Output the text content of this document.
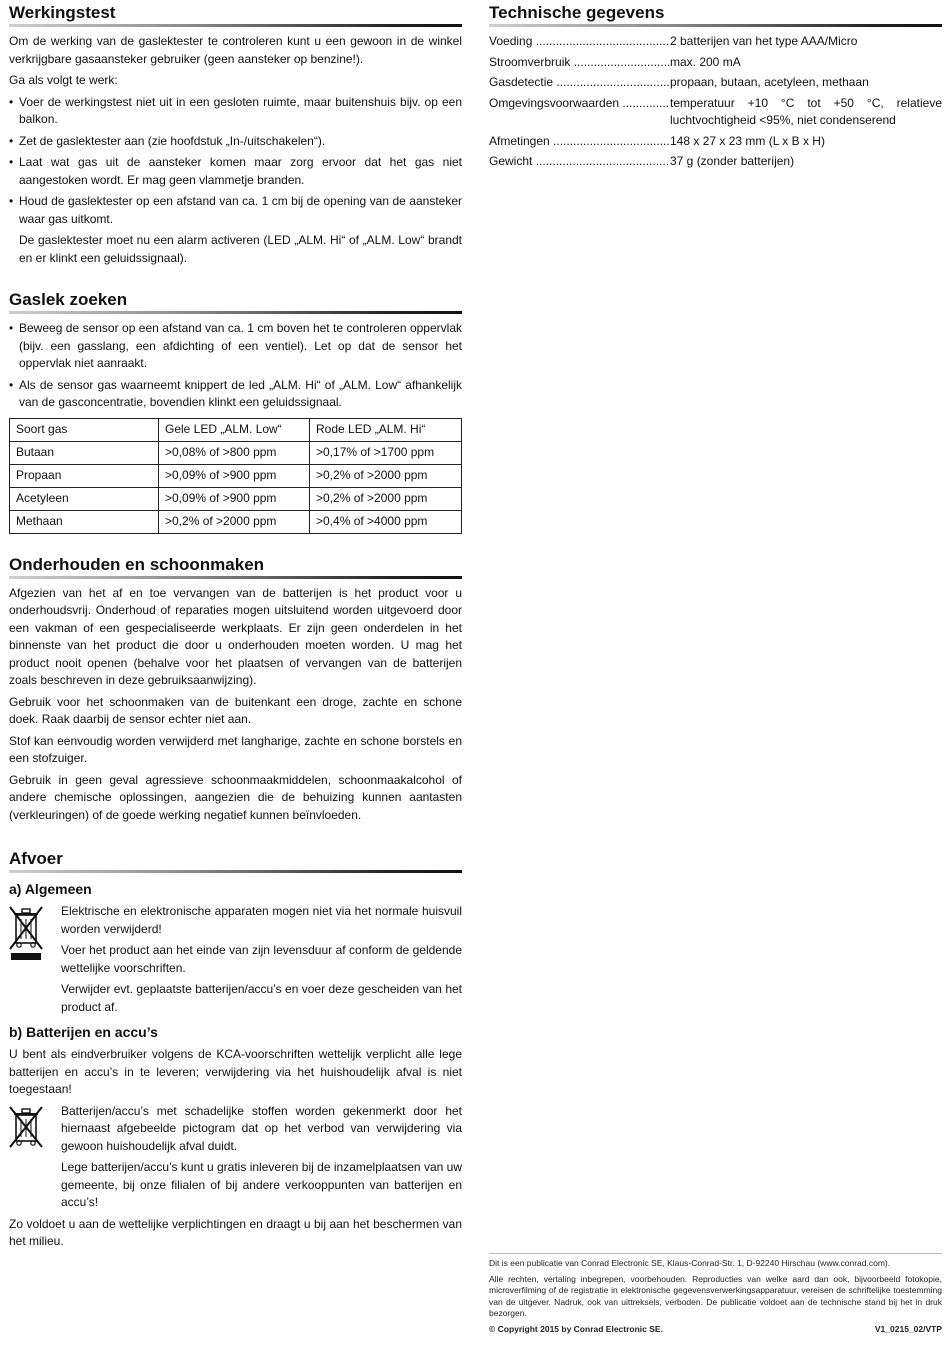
Werkingstest

Om de werking van de gaslektester te controleren kunt u een gewoon in de winkel verkrijgbare gasaansteker gebruiker (geen aansteker op benzine!).

Ga als volgt te werk:

• Voer de werkingstest niet uit in een gesloten ruimte, maar buitenshuis bijv. op een balkon.
• Zet de gaslektester aan (zie hoofdstuk „In-/uitschakelen“).
• Laat wat gas uit de aansteker komen maar zorg ervoor dat het gas niet aangestoken wordt. Er mag geen vlammetje branden.
• Houd de gaslektester op een afstand van ca. 1 cm bij de opening van de aansteker waar gas uitkomt.

De gaslektester moet nu een alarm activeren (LED „ALM. Hi“ of „ALM. Low“ brandt en er klinkt een geluidssignaal).

Gaslek zoeken
• Beweeg de sensor op een afstand van ca. 1 cm boven het te controleren oppervlak (bijv. een gasslang, een afdichting of een ventiel). Let op dat de sensor het oppervlak niet aanraakt.
• Als de sensor gas waarneemt knippert de led „ALM. Hi“ of „ALM. Low“ afhankelijk van de gasconcentratie, bovendien klinkt een geluidssignaal.
Soort gas	Gele LED „ALM. Low“	Rode LED „ALM. Hi“
Butaan	>0,08% of >800 ppm	>0,17% of >1700 ppm
Propaan	>0,09% of >900 ppm	>0,2% of >2000 ppm
Acetyleen	>0,09% of >900 ppm	>0,2% of >2000 ppm
Methaan	>0,2% of >2000 ppm	>0,4% of >4000 ppm
Onderhouden en schoonmaken

Afgezien van het af en toe vervangen van de batterijen is het product voor u onderhoudsvrij. Onderhoud of reparaties mogen uitsluitend worden uitgevoerd door een vakman of een gespecialiseerde werkplaats. Er zijn geen onderdelen in het binnenste van het product die door u onderhouden moeten worden. U mag het product nooit openen (behalve voor het plaatsen of vervangen van de batterijen zoals beschreven in deze gebruiksaanwijzing).

Gebruik voor het schoonmaken van de buitenkant een droge, zachte en schone doek. Raak daarbij de sensor echter niet aan.

Stof kan eenvoudig worden verwijderd met langharige, zachte en schone borstels en een stofzuiger.

Gebruik in geen geval agressieve schoonmaakmiddelen, schoonmaakalcohol of andere chemische oplossingen, aangezien die de behuizing kunnen aantasten (verkleuringen) of de goede werking negatief kunnen beïnvloeden.

Afvoer
a) Algemeen

Elektrische en elektronische apparaten mogen niet via het normale huisvuil worden verwijderd!

Voer het product aan het einde van zijn levensduur af conform de geldende wettelijke voorschriften.

Verwijder evt. geplaatste batterijen/accu’s en voer deze gescheiden van het product af.

b) Batterijen en accu’s

U bent als eindverbruiker volgens de KCA-voorschriften wettelijk verplicht alle lege batterijen en accu’s in te leveren; verwijdering via het huishoudelijk afval is niet toegestaan!

Batterijen/accu’s met schadelijke stoffen worden gekenmerkt door het hiernaast afgebeelde pictogram dat op het verbod van verwijdering via gewoon huishoudelijk afval duidt.

Lege batterijen/accu’s kunt u gratis inleveren bij de inzamelplaatsen van uw gemeente, bij onze filialen of bij andere verkooppunten van batterijen en accu’s!

Zo voldoet u aan de wettelijke verplichtingen en draagt u bij aan het beschermen van het milieu.

Technische gegevens
Voeding .....	2 batterijen van het type AAA/Micro
Stroomverbruik .....	max. 200 mA
Gasdetectie .....	propaan, butaan, acetyleen, methaan
Omgevingsvoorwaarden .....	temperatuur +10 °C tot +50 °C, relatieve luchtvochtigheid <95%, niet condenserend
Afmetingen .....	148 x 27 x 23 mm (L x B x H)
Gewicht .....	37 g (zonder batterijen)

Dit is een publicatie van Conrad Electronic SE, Klaus-Conrad-Str. 1, D-92240 Hirschau (www.conrad.com).

Alle rechten, vertaling inbegrepen, voorbehouden. Reproducties van welke aard dan ook, bijvoorbeeld fotokopie, microverfilming of de registratie in elektronische gegevensverwerkingsapparatuur, vereisen de schriftelijke toestemming van de uitgever. Nadruk, ook van uittreksels, verboden. De publicatie voldoet aan de technische stand bij het in druk bezorgen.

© Copyright 2015 by Conrad Electronic SE.	V1_0215_02/VTP
